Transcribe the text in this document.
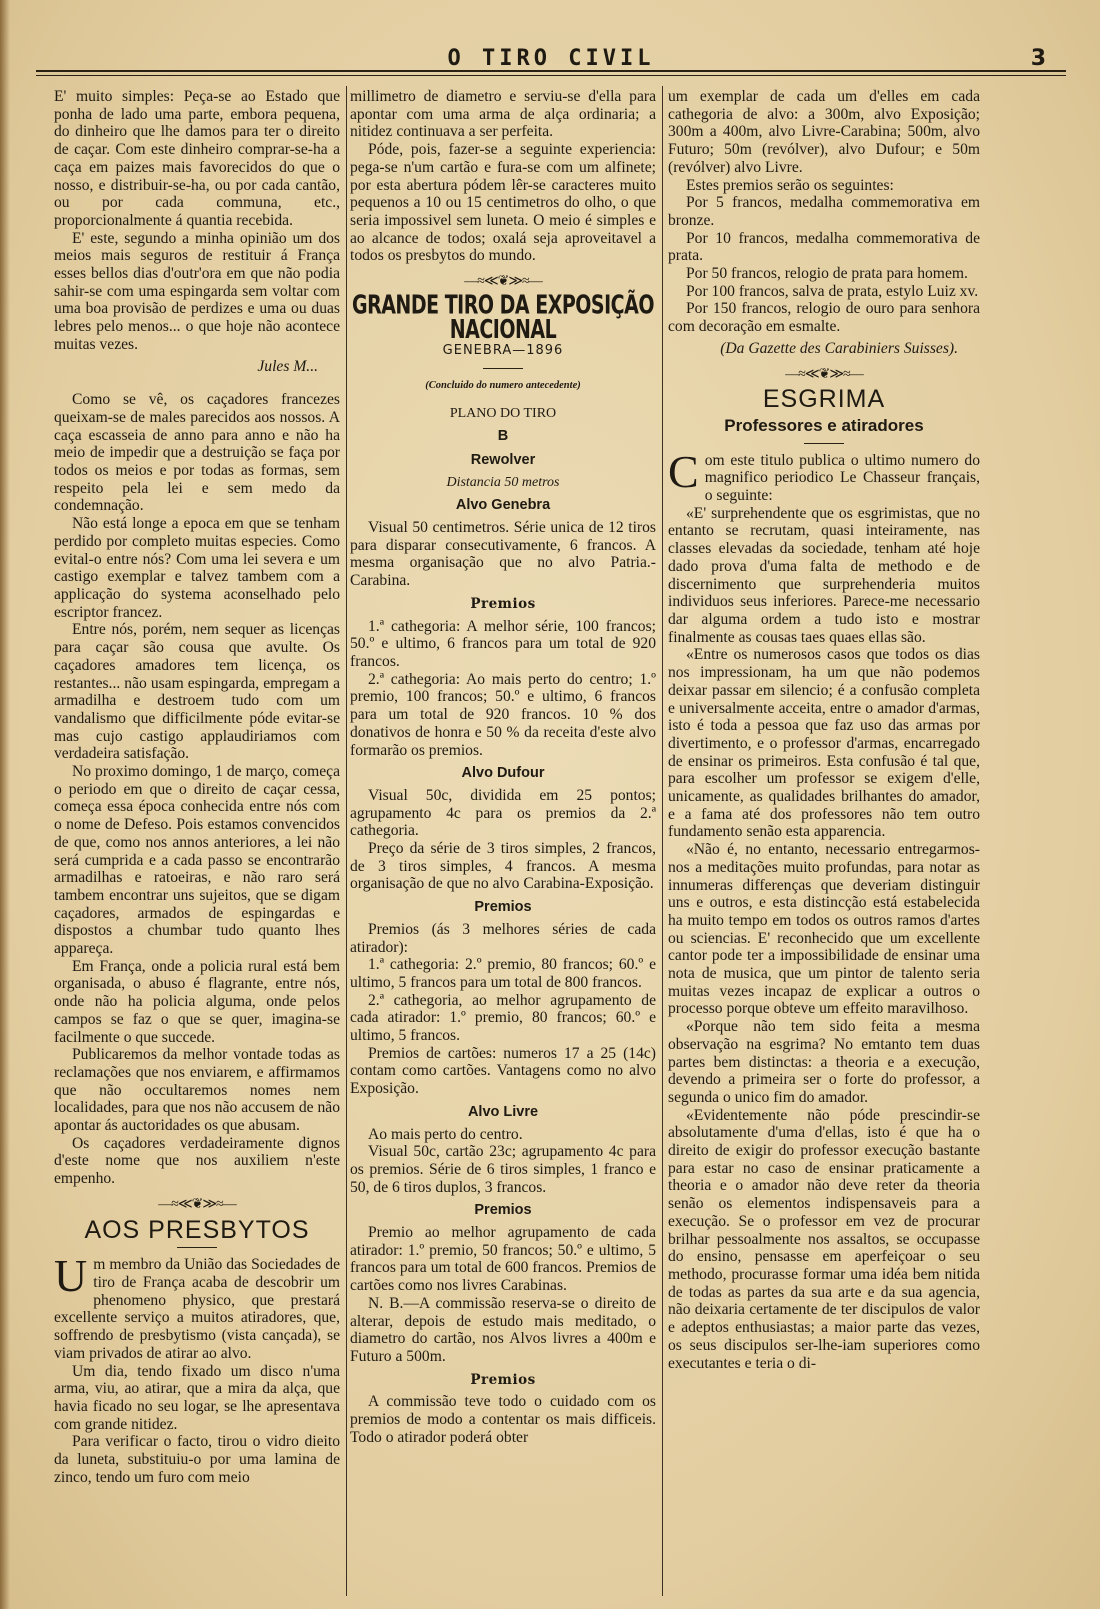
O TIRO CIVIL	3

E' muito simples: Peça-se ao Estado que ponha de lado uma parte, embora pequena, do dinheiro que lhe damos para ter o direito de caçar. Com este dinheiro comprar-se-ha a caça em paizes mais favorecidos do que o nosso, e distribuir-se-ha, ou por cada cantão, ou por cada communa, etc., proporcionalmente á quantia recebida.

E' este, segundo a minha opinião um dos meios mais seguros de restituir á França esses bellos dias d'outr'ora em que não podia sahir-se com uma espingarda sem voltar com uma boa provisão de perdizes e uma ou duas lebres pelo menos... o que hoje não acontece muitas vezes.

Jules M...

Como se vê, os caçadores francezes queixam-se de males parecidos aos nossos. A caça escasseia de anno para anno e não ha meio de impedir que a destruição se faça por todos os meios e por todas as formas, sem respeito pela lei e sem medo da condemnação.

Não está longe a epoca em que se tenham perdido por completo muitas especies. Como evital-o entre nós? Com uma lei severa e um castigo exemplar e talvez tambem com a applicação do systema aconselhado pelo escriptor francez.

Entre nós, porém, nem sequer as licenças para caçar são cousa que avulte. Os caçadores amadores tem licença, os restantes... não usam espingarda, empregam a armadilha e destroem tudo com um vandalismo que difficilmente póde evitar-se mas cujo castigo applaudiriamos com verdadeira satisfação.

No proximo domingo, 1 de março, começa o periodo em que o direito de caçar cessa, começa essa época conhecida entre nós com o nome de Defeso. Pois estamos convencidos de que, como nos annos anteriores, a lei não será cumprida e a cada passo se encontrarão armadilhas e ratoeiras, e não raro será tambem encontrar uns sujeitos, que se digam caçadores, armados de espingardas e dispostos a chumbar tudo quanto lhes appareça.

Em França, onde a policia rural está bem organisada, o abuso é flagrante, entre nós, onde não ha policia alguma, onde pelos campos se faz o que se quer, imagina-se facilmente o que succede.

Publicaremos da melhor vontade todas as reclamações que nos enviarem, e affirmamos que não occultaremos nomes nem localidades, para que nos não accusem de não apontar ás auctoridades os que abusam.

Os caçadores verdadeiramente dignos d'este nome que nos auxiliem n'este empenho.

—≈≪❦≫≈—
AOS PRESBYTOS

Um membro da União das Sociedades de tiro de França acaba de descobrir um phenomeno physico, que prestará excellente serviço a muitos atiradores, que, soffrendo de presbytismo (vista cançada), se viam privados de atirar ao alvo.

Um dia, tendo fixado um disco n'uma arma, viu, ao atirar, que a mira da alça, que havia ficado no seu logar, se lhe apresentava com grande nitidez.

Para verificar o facto, tirou o vidro dieito da luneta, substituiu-o por uma lamina de zinco, tendo um furo com meio

millimetro de diametro e serviu-se d'ella para apontar com uma arma de alça ordinaria; a nitidez continuava a ser perfeita.

Póde, pois, fazer-se a seguinte experiencia: pega-se n'um cartão e fura-se com um alfinete; por esta abertura pódem lêr-se caracteres muito pequenos a 10 ou 15 centimetros do olho, o que seria impossivel sem luneta. O meio é simples e ao alcance de todos; oxalá seja aproveitavel a todos os presbytos do mundo.

—≈≪❦≫≈—
GRANDE TIRO DA EXPOSIÇÃO NACIONAL
GENEBRA—1896
(Concluido do numero antecedente)
PLANO DO TIRO
B
Rewolver
Distancia 50 metros
Alvo Genebra

Visual 50 centimetros. Série unica de 12 tiros para disparar consecutivamente, 6 francos. A mesma organisação que no alvo Patria.-Carabina.

Premios

1.ª cathegoria: A melhor série, 100 francos; 50.º e ultimo, 6 francos para um total de 920 francos.

2.ª cathegoria: Ao mais perto do centro; 1.º premio, 100 francos; 50.º e ultimo, 6 francos para um total de 920 francos. 10 % dos donativos de honra e 50 % da receita d'este alvo formarão os premios.

Alvo Dufour

Visual 50c, dividida em 25 pontos; agrupamento 4c para os premios da 2.ª cathegoria.

Preço da série de 3 tiros simples, 2 francos, de 3 tiros simples, 4 francos. A mesma organisação de que no alvo Carabina-Exposição.

Premios

Premios (ás 3 melhores séries de cada atirador):

1.ª cathegoria: 2.º premio, 80 francos; 60.º e ultimo, 5 francos para um total de 800 francos.

2.ª cathegoria, ao melhor agrupamento de cada atirador: 1.º premio, 80 francos; 60.º e ultimo, 5 francos.

Premios de cartões: numeros 17 a 25 (14c) contam como cartões. Vantagens como no alvo Exposição.

Alvo Livre

Ao mais perto do centro.

Visual 50c, cartão 23c; agrupamento 4c para os premios. Série de 6 tiros simples, 1 franco e 50, de 6 tiros duplos, 3 francos.

Premios

Premio ao melhor agrupamento de cada atirador: 1.º premio, 50 francos; 50.º e ultimo, 5 francos para um total de 600 francos. Premios de cartões como nos livres Carabinas.

N. B.—A commissão reserva-se o direito de alterar, depois de estudo mais meditado, o diametro do cartão, nos Alvos livres a 400m e Futuro a 500m.

Premios

A commissão teve todo o cuidado com os premios de modo a contentar os mais difficeis. Todo o atirador poderá obter

um exemplar de cada um d'elles em cada cathegoria de alvo: a 300m, alvo Exposição; 300m a 400m, alvo Livre-Carabina; 500m, alvo Futuro; 50m (revólver), alvo Dufour; e 50m (revólver) alvo Livre.

Estes premios serão os seguintes:

Por 5 francos, medalha commemorativa em bronze.

Por 10 francos, medalha commemorativa de prata.

Por 50 francos, relogio de prata para homem.

Por 100 francos, salva de prata, estylo Luiz xv.

Por 150 francos, relogio de ouro para senhora com decoração em esmalte.

(Da Gazette des Carabiniers Suisses).
—≈≪❦≫≈—
ESGRIMA
Professores e atiradores

Com este titulo publica o ultimo numero do magnifico periodico Le Chasseur français, o seguinte:

«E' surprehendente que os esgrimistas, que no entanto se recrutam, quasi inteiramente, nas classes elevadas da sociedade, tenham até hoje dado prova d'uma falta de methodo e de discernimento que surprehenderia muitos individuos seus inferiores. Parece-me necessario dar alguma ordem a tudo isto e mostrar finalmente as cousas taes quaes ellas são.

«Entre os numerosos casos que todos os dias nos impressionam, ha um que não podemos deixar passar em silencio; é a confusão completa e universalmente acceita, entre o amador d'armas, isto é toda a pessoa que faz uso das armas por divertimento, e o professor d'armas, encarregado de ensinar os primeiros. Esta confusão é tal que, para escolher um professor se exigem d'elle, unicamente, as qualidades brilhantes do amador, e a fama até dos professores não tem outro fundamento senão esta apparencia.

«Não é, no entanto, necessario entregarmos-nos a meditações muito profundas, para notar as innumeras differenças que deveriam distinguir uns e outros, e esta distincção está estabelecida ha muito tempo em todos os outros ramos d'artes ou sciencias. E' reconhecido que um excellente cantor pode ter a impossibilidade de ensinar uma nota de musica, que um pintor de talento seria muitas vezes incapaz de explicar a outros o processo porque obteve um effeito maravilhoso.

«Porque não tem sido feita a mesma observação na esgrima? No emtanto tem duas partes bem distinctas: a theoria e a execução, devendo a primeira ser o forte do professor, a segunda o unico fim do amador.

«Evidentemente não póde prescindir-se absolutamente d'uma d'ellas, isto é que ha o direito de exigir do professor execução bastante para estar no caso de ensinar praticamente a theoria e o amador não deve reter da theoria senão os elementos indispensaveis para a execução. Se o professor em vez de procurar brilhar pessoalmente nos assaltos, se occupasse do ensino, pensasse em aperfeiçoar o seu methodo, procurasse formar uma idéa bem nitida de todas as partes da sua arte e da sua agencia, não deixaria certamente de ter discipulos de valor e adeptos enthusiastas; a maior parte das vezes, os seus discipulos ser-lhe-iam superiores como executantes e teria o di-
